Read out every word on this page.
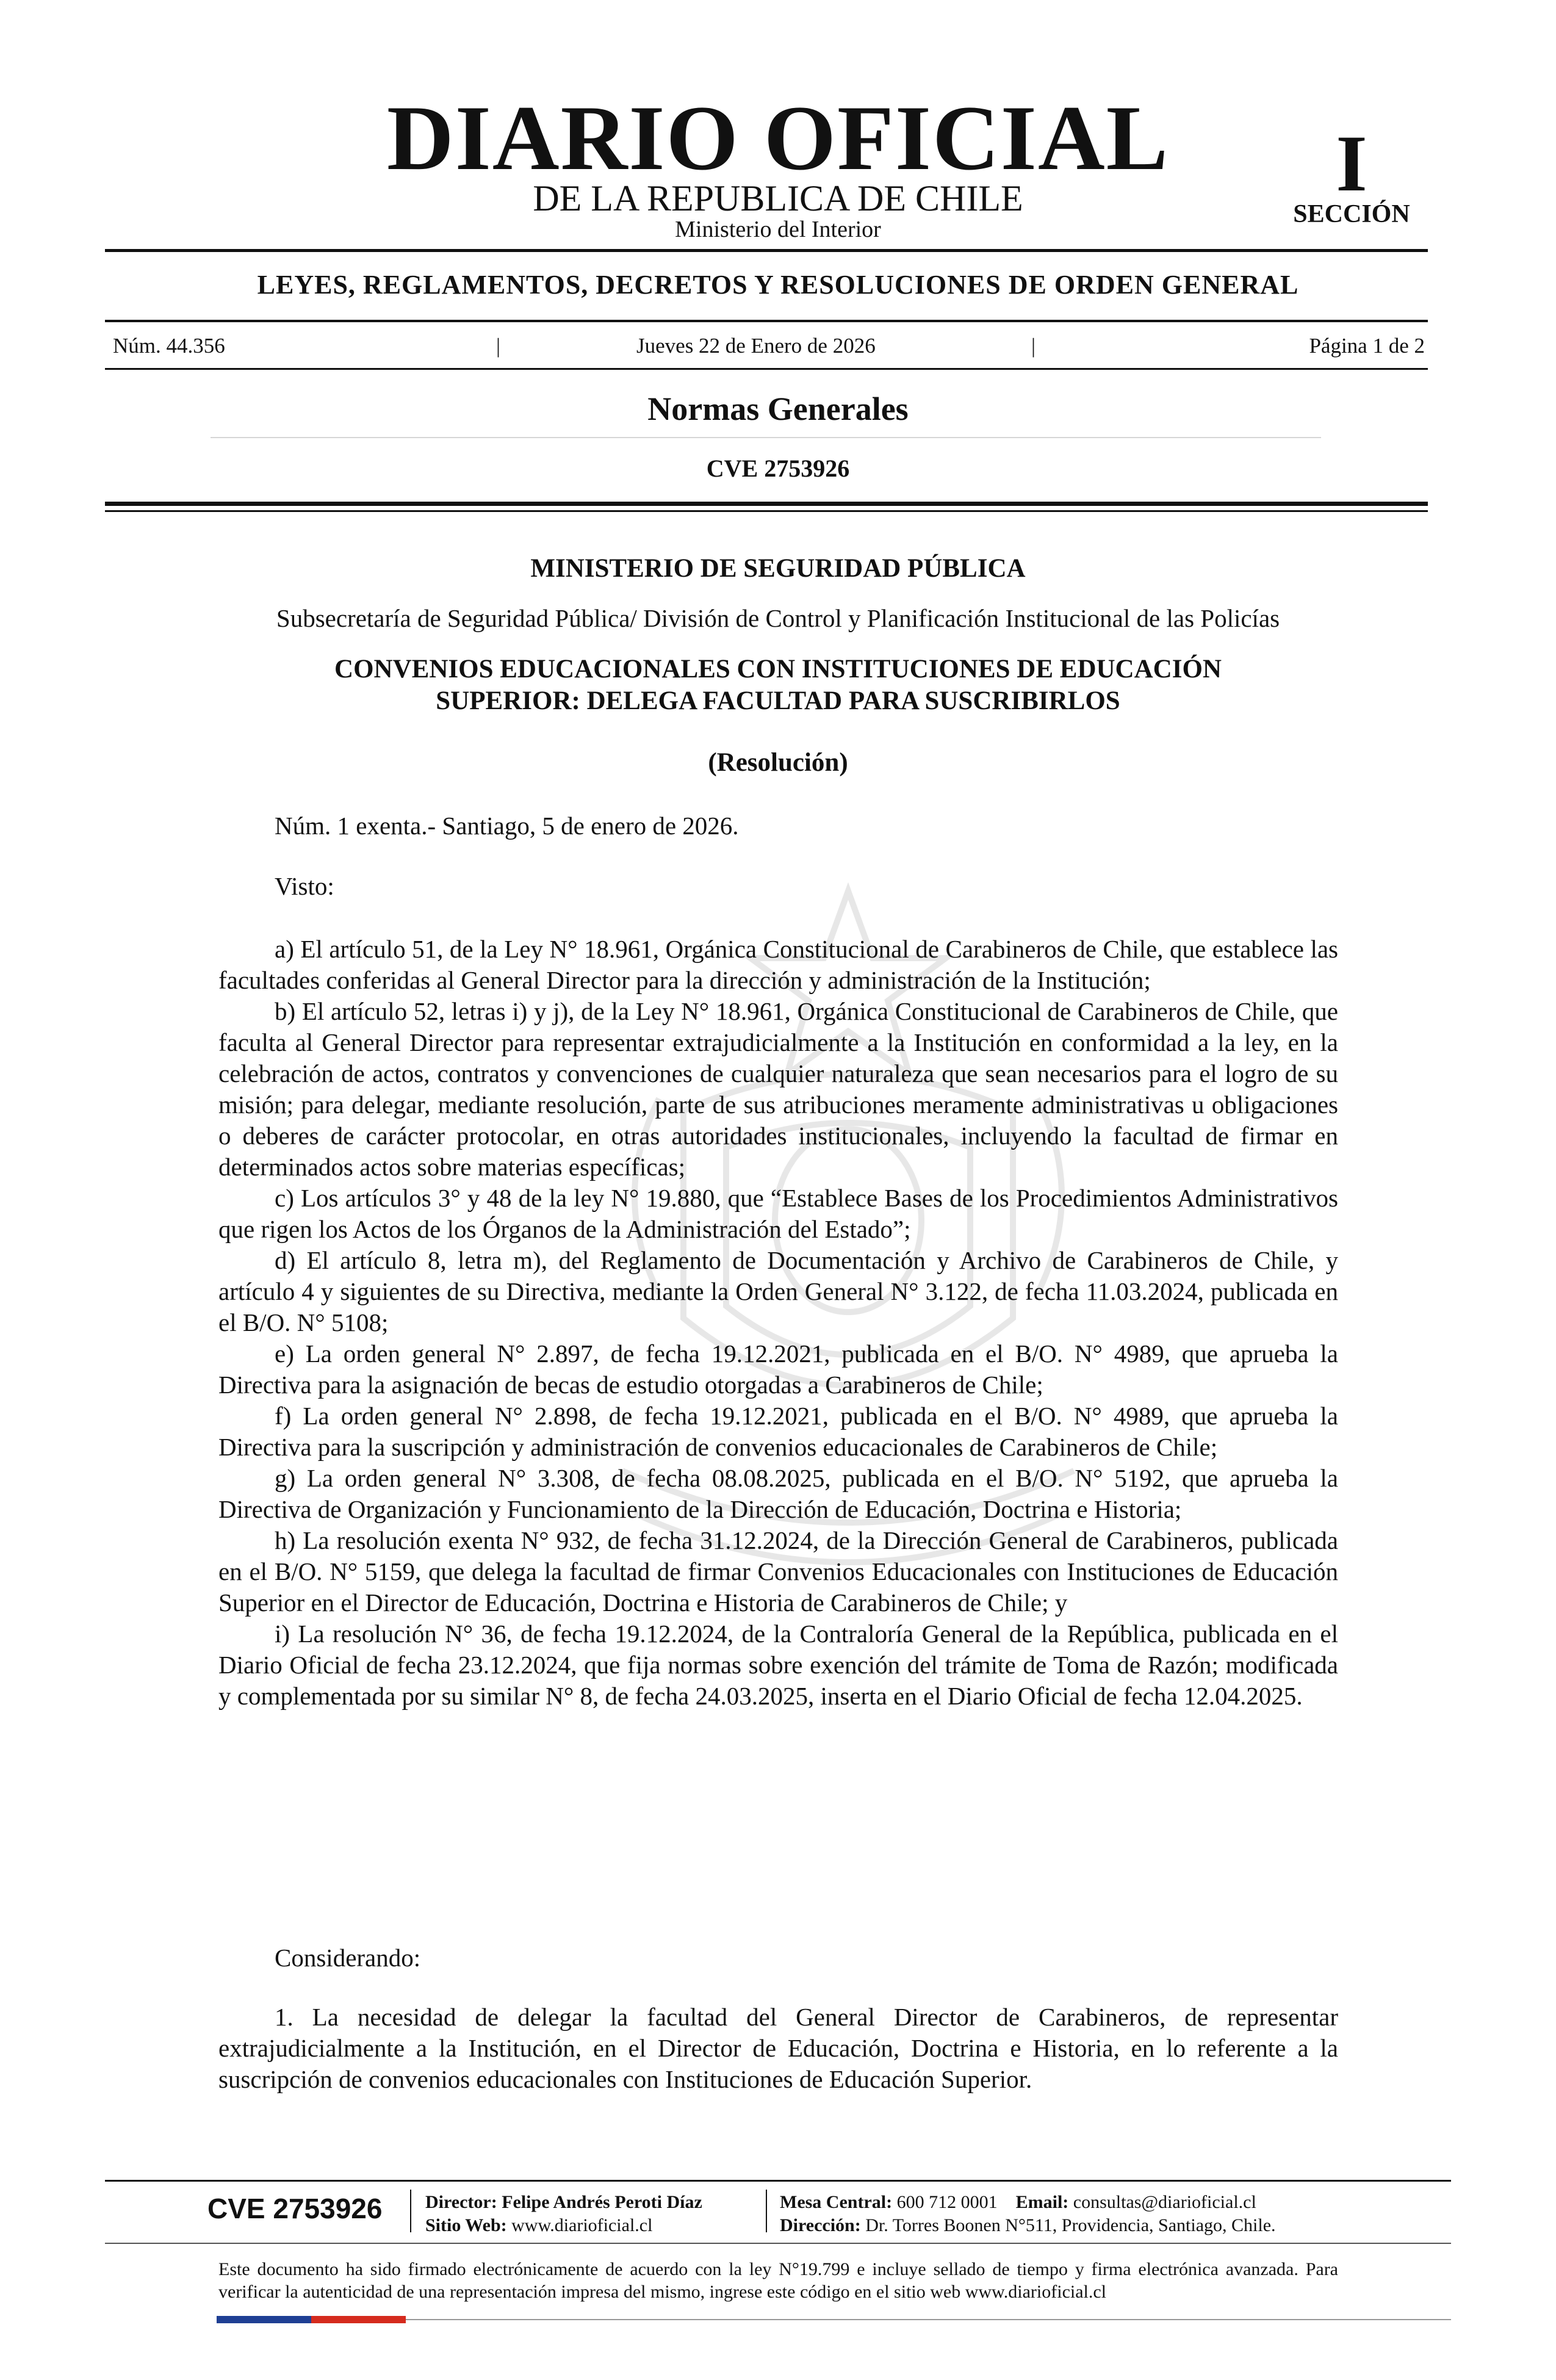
DIARIO OFICIAL
DE LA REPUBLICA DE CHILE
Ministerio del Interior
I
SECCIÓN
LEYES, REGLAMENTOS, DECRETOS Y RESOLUCIONES DE ORDEN GENERAL
Núm. 44.356	|	Jueves 22 de Enero de 2026	|	Página 1 de 2
Normas Generales
CVE 2753926
MINISTERIO DE SEGURIDAD PÚBLICA
Subsecretaría de Seguridad Pública/ División de Control y Planificación Institucional de las Policías
CONVENIOS EDUCACIONALES CON INSTITUCIONES DE EDUCACIÓN
SUPERIOR: DELEGA FACULTAD PARA SUSCRIBIRLOS
(Resolución)
Núm. 1 exenta.- Santiago, 5 de enero de 2026.
Visto:

a) El artículo 51, de la Ley N° 18.961, Orgánica Constitucional de Carabineros de Chile, que establece las facultades conferidas al General Director para la dirección y administración de la Institución;

b) El artículo 52, letras i) y j), de la Ley N° 18.961, Orgánica Constitucional de Carabineros de Chile, que faculta al General Director para representar extrajudicialmente a la Institución en conformidad a la ley, en la celebración de actos, contratos y convenciones de cualquier naturaleza que sean necesarios para el logro de su misión; para delegar, mediante resolución, parte de sus atribuciones meramente administrativas u obligaciones o deberes de carácter protocolar, en otras autoridades institucionales, incluyendo la facultad de firmar en determinados actos sobre materias específicas;

c) Los artículos 3° y 48 de la ley N° 19.880, que “Establece Bases de los Procedimientos Administrativos que rigen los Actos de los Órganos de la Administración del Estado”;

d) El artículo 8, letra m), del Reglamento de Documentación y Archivo de Carabineros de Chile, y artículo 4 y siguientes de su Directiva, mediante la Orden General N° 3.122, de fecha 11.03.2024, publicada en el B/O. N° 5108;

e) La orden general N° 2.897, de fecha 19.12.2021, publicada en el B/O. N° 4989, que aprueba la Directiva para la asignación de becas de estudio otorgadas a Carabineros de Chile;

f) La orden general N° 2.898, de fecha 19.12.2021, publicada en el B/O. N° 4989, que aprueba la Directiva para la suscripción y administración de convenios educacionales de Carabineros de Chile;

g) La orden general N° 3.308, de fecha 08.08.2025, publicada en el B/O. N° 5192, que aprueba la Directiva de Organización y Funcionamiento de la Dirección de Educación, Doctrina e Historia;

h) La resolución exenta N° 932, de fecha 31.12.2024, de la Dirección General de Carabineros, publicada en el B/O. N° 5159, que delega la facultad de firmar Convenios Educacionales con Instituciones de Educación Superior en el Director de Educación, Doctrina e Historia de Carabineros de Chile; y

i) La resolución N° 36, de fecha 19.12.2024, de la Contraloría General de la República, publicada en el Diario Oficial de fecha 23.12.2024, que fija normas sobre exención del trámite de Toma de Razón; modificada y complementada por su similar N° 8, de fecha 24.03.2025, inserta en el Diario Oficial de fecha 12.04.2025.

Considerando:

1. La necesidad de delegar la facultad del General Director de Carabineros, de representar extrajudicialmente a la Institución, en el Director de Educación, Doctrina e Historia, en lo referente a la suscripción de convenios educacionales con Instituciones de Educación Superior.

CVE 2753926 Director: Felipe Andrés Peroti Díaz
Sitio Web: www.diarioficial.cl
Mesa Central: 600 712 0001 Email: consultas@diarioficial.cl
Dirección: Dr. Torres Boonen N°511, Providencia, Santiago, Chile.
Este documento ha sido firmado electrónicamente de acuerdo con la ley N°19.799 e incluye sellado de tiempo y firma electrónica avanzada. Para verificar la autenticidad de una representación impresa del mismo, ingrese este código en el sitio web www.diarioficial.cl
